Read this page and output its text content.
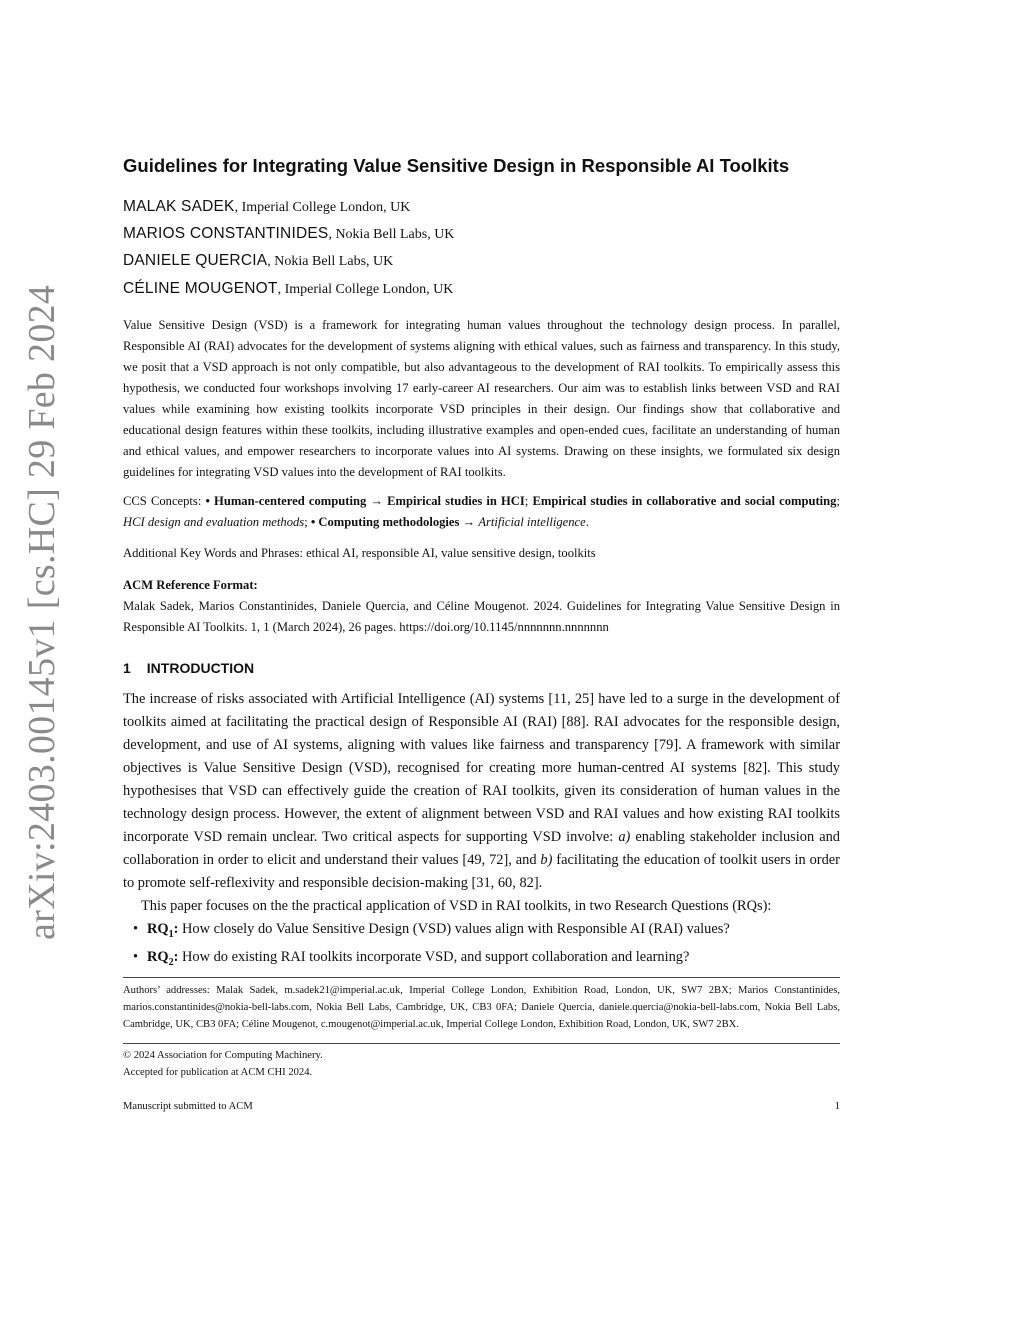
arXiv:2403.00145v1 [cs.HC] 29 Feb 2024
Guidelines for Integrating Value Sensitive Design in Responsible AI Toolkits
MALAK SADEK, Imperial College London, UK
MARIOS CONSTANTINIDES, Nokia Bell Labs, UK
DANIELE QUERCIA, Nokia Bell Labs, UK
CÉLINE MOUGENOT, Imperial College London, UK
Value Sensitive Design (VSD) is a framework for integrating human values throughout the technology design process. In parallel, Responsible AI (RAI) advocates for the development of systems aligning with ethical values, such as fairness and transparency. In this study, we posit that a VSD approach is not only compatible, but also advantageous to the development of RAI toolkits. To empirically assess this hypothesis, we conducted four workshops involving 17 early-career AI researchers. Our aim was to establish links between VSD and RAI values while examining how existing toolkits incorporate VSD principles in their design. Our findings show that collaborative and educational design features within these toolkits, including illustrative examples and open-ended cues, facilitate an understanding of human and ethical values, and empower researchers to incorporate values into AI systems. Drawing on these insights, we formulated six design guidelines for integrating VSD values into the development of RAI toolkits.
CCS Concepts: • Human-centered computing → Empirical studies in HCI; Empirical studies in collaborative and social computing; HCI design and evaluation methods; • Computing methodologies → Artificial intelligence.
Additional Key Words and Phrases: ethical AI, responsible AI, value sensitive design, toolkits
ACM Reference Format:
Malak Sadek, Marios Constantinides, Daniele Quercia, and Céline Mougenot. 2024. Guidelines for Integrating Value Sensitive Design in Responsible AI Toolkits. 1, 1 (March 2024), 26 pages. https://doi.org/10.1145/nnnnnnn.nnnnnnn
1 INTRODUCTION

The increase of risks associated with Artificial Intelligence (AI) systems [11, 25] have led to a surge in the development of toolkits aimed at facilitating the practical design of Responsible AI (RAI) [88]. RAI advocates for the responsible design, development, and use of AI systems, aligning with values like fairness and transparency [79]. A framework with similar objectives is Value Sensitive Design (VSD), recognised for creating more human-centred AI systems [82]. This study hypothesises that VSD can effectively guide the creation of RAI toolkits, given its consideration of human values in the technology design process. However, the extent of alignment between VSD and RAI values and how existing RAI toolkits incorporate VSD remain unclear. Two critical aspects for supporting VSD involve: a) enabling stakeholder inclusion and collaboration in order to elicit and understand their values [49, 72], and b) facilitating the education of toolkit users in order to promote self-reflexivity and responsible decision-making [31, 60, 82].

This paper focuses on the the practical application of VSD in RAI toolkits, in two Research Questions (RQs):

• $RQ_1$: How closely do Value Sensitive Design (VSD) values align with Responsible AI (RAI) values?
• $RQ_2$: How do existing RAI toolkits incorporate VSD, and support collaboration and learning?
Authors’ addresses: Malak Sadek, m.sadek21@imperial.ac.uk, Imperial College London, Exhibition Road, London, UK, SW7 2BX; Marios Constantinides, marios.constantinides@nokia-bell-labs.com, Nokia Bell Labs, Cambridge, UK, CB3 0FA; Daniele Quercia, daniele.quercia@nokia-bell-labs.com, Nokia Bell Labs, Cambridge, UK, CB3 0FA; Céline Mougenot, c.mougenot@imperial.ac.uk, Imperial College London, Exhibition Road, London, UK, SW7 2BX.
© 2024 Association for Computing Machinery.
Accepted for publication at ACM CHI 2024.
Manuscript submitted to ACM	1
